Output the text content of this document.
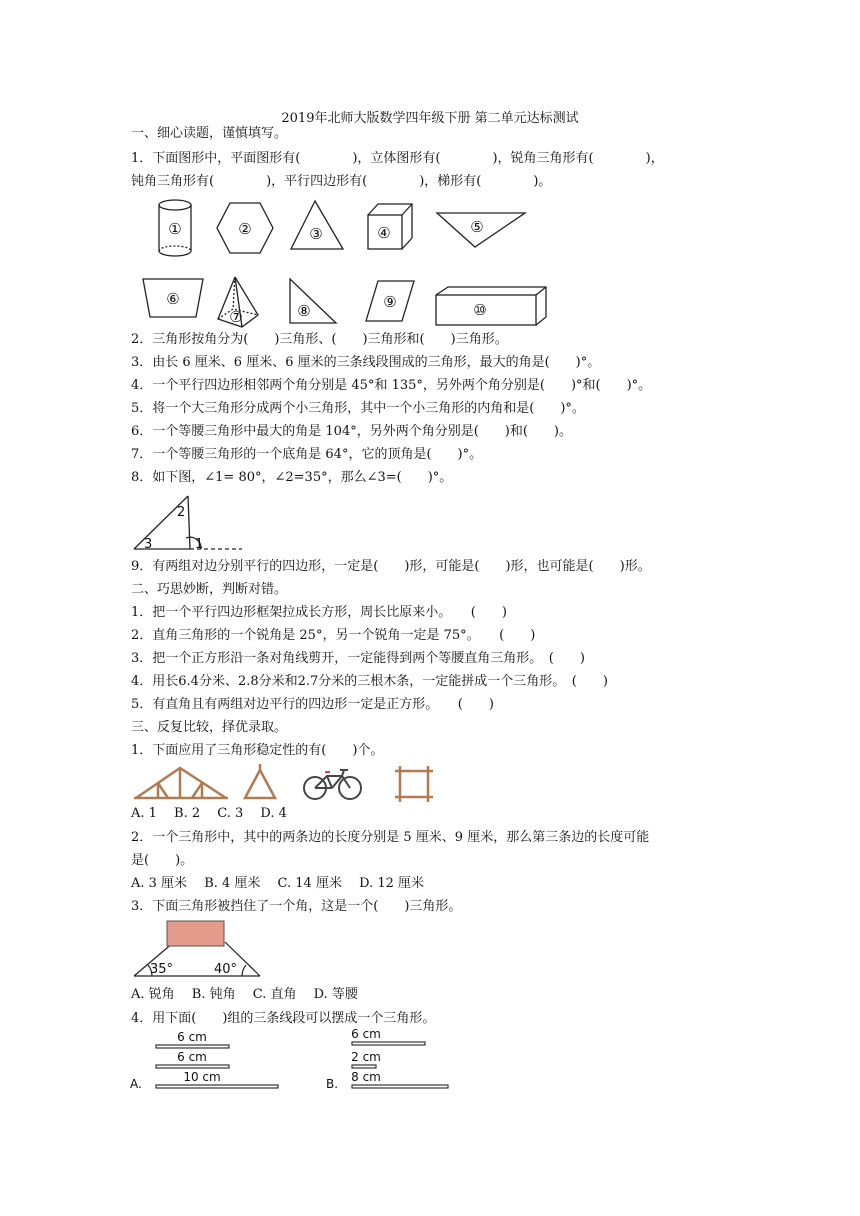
2019年北师大版数学四年级下册 第二单元达标测试
一、细心读题，谨慎填写。
1．下面图形中，平面图形有(　　　　)，立体图形有(　　　　)，锐角三角形有(　　　　)，
钝角三角形有(　　　　)，平行四边形有(　　　　)，梯形有(　　　　)。
①	②	③	④	⑤
⑥
⑦	⑧	⑨	⑩
2．三角形按角分为(　　)三角形、(　　)三角形和(　　)三角形。
3．由长 6 厘米、6 厘米、6 厘米的三条线段围成的三角形，最大的角是(　　)°。
4．一个平行四边形相邻两个角分别是 45°和 135°，另外两个角分别是(　　)°和(　　)°。
5．将一个大三角形分成两个小三角形，其中一个小三角形的内角和是(　　)°。
6．一个等腰三角形中最大的角是 104°，另外两个角分别是(　　)和(　　)。
7．一个等腰三角形的一个底角是 64°，它的顶角是(　　)°。
8．如下图，∠1= 80°，∠2=35°，那么∠3=(　　)°。
2
3	1
9．有两组对边分别平行的四边形，一定是(　　)形，可能是(　　)形，也可能是(　　)形。
二、巧思妙断，判断对错。
1．把一个平行四边形框架拉成长方形，周长比原来小。　　(　　)
2．直角三角形的一个锐角是 25°，另一个锐角一定是 75°。　　(　　)
3．把一个正方形沿一条对角线剪开，一定能得到两个等腰直角三角形。　(　　)
4．用长6.4分米、2.8分米和2.7分米的三根木条，一定能拼成一个三角形。　(　　)
5．有直角且有两组对边平行的四边形一定是正方形。　　(　　)
三、反复比较，择优录取。
1．下面应用了三角形稳定性的有(　　)个。
A. 1　 B. 2　 C. 3　 D. 4
2．一个三角形中，其中的两条边的长度分别是 5 厘米、9 厘米，那么第三条边的长度可能
是(　　)。
A. 3 厘米　 B. 4 厘米　 C. 14 厘米　 D. 12 厘米
3．下面三角形被挡住了一个角，这是一个(　　)三角形。
35°	40°
A. 锐角　 B. 钝角　 C. 直角　 D. 等腰
4．用下面(　　)组的三条线段可以摆成一个三角形。
A.	B.
6 cm
6 cm
10 cm
6 cm
2 cm
8 cm
